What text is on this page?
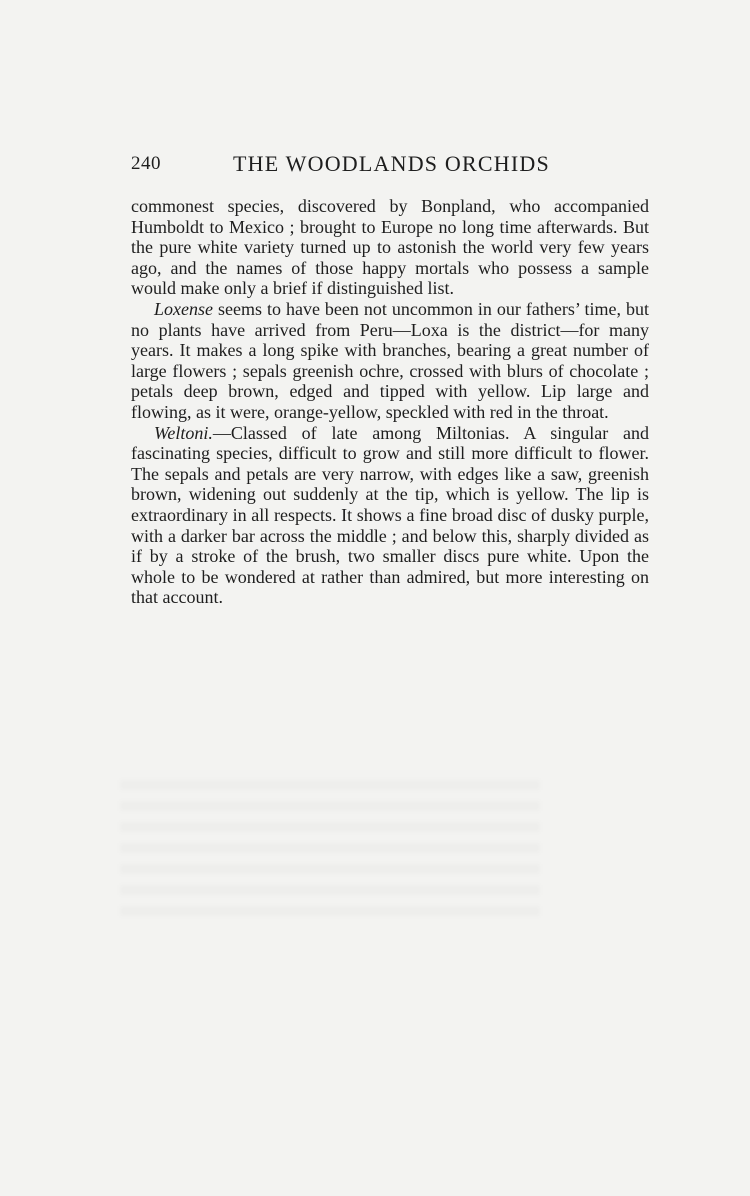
240	THE WOODLANDS ORCHIDS

commonest species, discovered by Bonpland, who accompanied Humboldt to Mexico ; brought to Europe no long time afterwards. But the pure white variety turned up to astonish the world very few years ago, and the names of those happy mortals who possess a sample would make only a brief if distinguished list.

Loxense seems to have been not uncommon in our fathers’ time, but no plants have arrived from Peru—Loxa is the district—for many years. It makes a long spike with branches, bearing a great number of large flowers ; sepals greenish ochre, crossed with blurs of chocolate ; petals deep brown, edged and tipped with yellow. Lip large and flowing, as it were, orange-yellow, speckled with red in the throat.

Weltoni.—Classed of late among Miltonias. A singular and fascinating species, difficult to grow and still more difficult to flower. The sepals and petals are very narrow, with edges like a saw, greenish brown, widening out suddenly at the tip, which is yellow. The lip is extraordinary in all respects. It shows a fine broad disc of dusky purple, with a darker bar across the middle ; and below this, sharply divided as if by a stroke of the brush, two smaller discs pure white. Upon the whole to be wondered at rather than admired, but more interesting on that account.
